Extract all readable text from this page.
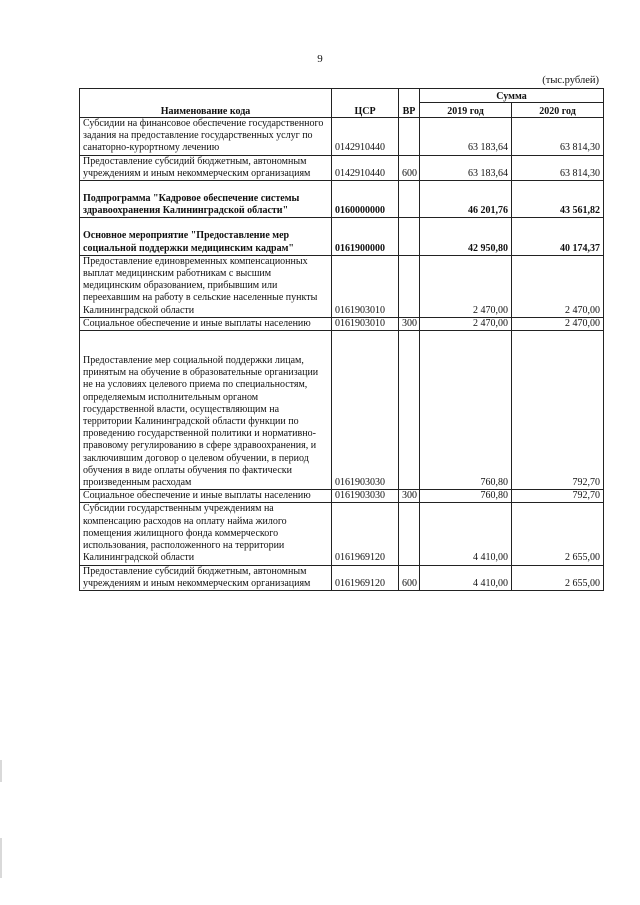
9
(тыс.рублей)
Наименование кода	ЦСР	ВР	Сумма	
			2019 год	2020 год
Субсидии на финансовое обеспечение государственного задания на предоставление государственных услуг по санаторно-курортному лечению	0142910440		63 183,64	63 814,30
Предоставление субсидий бюджетным, автономным учреждениям и иным некоммерческим организациям	0142910440	600	63 183,64	63 814,30
Подпрограмма "Кадровое обеспечение системы здравоохранения Калининградской области"	0160000000		46 201,76	43 561,82
Основное мероприятие "Предоставление мер социальной поддержки медицинским кадрам"	0161900000		42 950,80	40 174,37
Предоставление единовременных компенсационных выплат медицинским работникам с высшим медицинским образованием, прибывшим или переехавшим на работу в сельские населенные пункты Калининградской области	0161903010		2 470,00	2 470,00
Социальное обеспечение и иные выплаты населению	0161903010	300	2 470,00	2 470,00
Предоставление мер социальной поддержки лицам, принятым на обучение в образовательные организации не на условиях целевого приема по специальностям, определяемым исполнительным органом государственной власти, осуществляющим на территории Калининградской области функции по проведению государственной политики и нормативно-правовому регулированию в сфере здравоохранения, и заключившим договор о целевом обучении, в период обучения в виде оплаты обучения по фактически произведенным расходам	0161903030		760,80	792,70
Социальное обеспечение и иные выплаты населению	0161903030	300	760,80	792,70
Субсидии государственным учреждениям на компенсацию расходов на оплату найма жилого помещения жилищного фонда коммерческого использования, расположенного на территории Калининградской области	0161969120		4 410,00	2 655,00
Предоставление субсидий бюджетным, автономным учреждениям и иным некоммерческим организациям	0161969120	600	4 410,00	2 655,00
